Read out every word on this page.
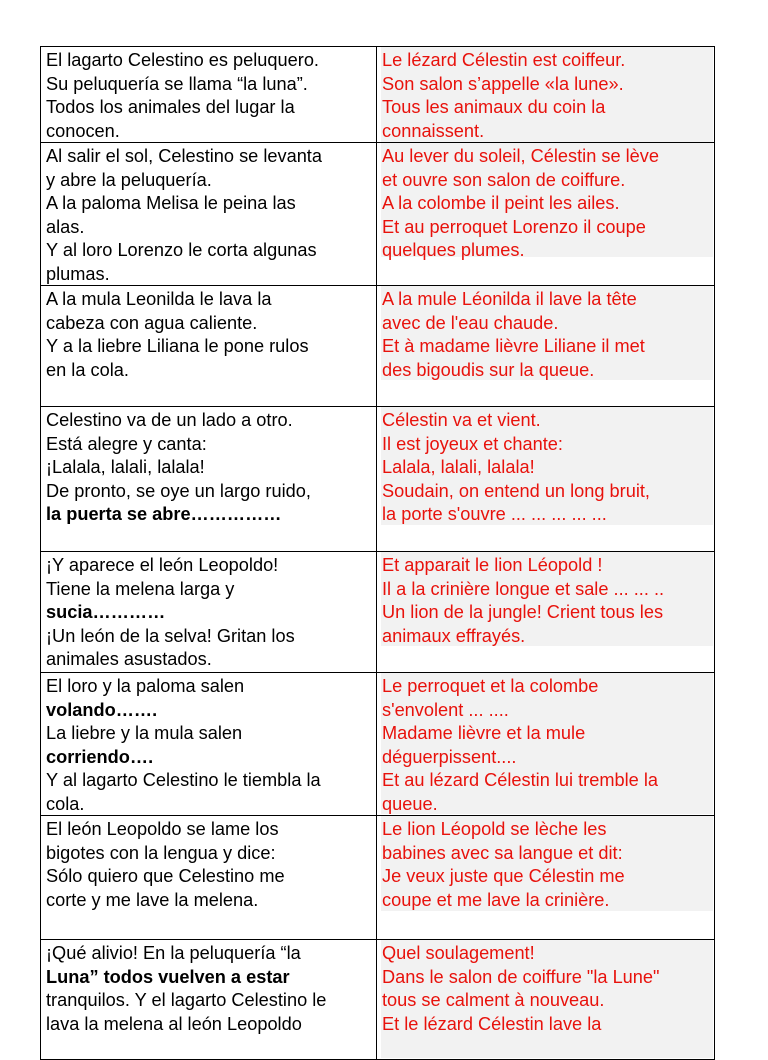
El lagarto Celestino es peluquero.
Su peluquería se llama “la luna”.
Todos los animales del lugar la
conocen.
Le lézard Célestin est coiffeur.
Son salon s’appelle «la lune».
Tous les animaux du coin la
connaissent.
Al salir el sol, Celestino se levanta
y abre la peluquería.
A la paloma Melisa le peina las
alas.
Y al loro Lorenzo le corta algunas
plumas.
Au lever du soleil, Célestin se lève
et ouvre son salon de coiffure.
A la colombe il peint les ailes.
Et au perroquet Lorenzo il coupe
quelques plumes.
A la mula Leonilda le lava la
cabeza con agua caliente.
Y a la liebre Liliana le pone rulos
en la cola.
A la mule Léonilda il lave la tête
avec de l'eau chaude.
Et à madame lièvre Liliane il met
des bigoudis sur la queue.
Celestino va de un lado a otro.
Está alegre y canta:
¡Lalala, lalali, lalala!
De pronto, se oye un largo ruido,
la puerta se abre……………
Célestin va et vient.
Il est joyeux et chante:
Lalala, lalali, lalala!
Soudain, on entend un long bruit,
la porte s'ouvre ... ... ... ... ...
¡Y aparece el león Leopoldo!
Tiene la melena larga y
sucia…………
¡Un león de la selva! Gritan los
animales asustados.
Et apparait le lion Léopold !
Il a la crinière longue et sale ... ... ..
Un lion de la jungle! Crient tous les
animaux effrayés.
El loro y la paloma salen
volando…….
La liebre y la mula salen
corriendo….
Y al lagarto Celestino le tiembla la
cola.
Le perroquet et la colombe
s'envolent ... ....
Madame lièvre et la mule
déguerpissent....
Et au lézard Célestin lui tremble la
queue.
El león Leopoldo se lame los
bigotes con la lengua y dice:
Sólo quiero que Celestino me
corte y me lave la melena.
Le lion Léopold se lèche les
babines avec sa langue et dit:
Je veux juste que Célestin me
coupe et me lave la crinière.
¡Qué alivio! En la peluquería “la
Luna” todos vuelven a estar
tranquilos. Y el lagarto Celestino le
lava la melena al león Leopoldo
Quel soulagement!
Dans le salon de coiffure "la Lune"
tous se calment à nouveau.
Et le lézard Célestin lave la
